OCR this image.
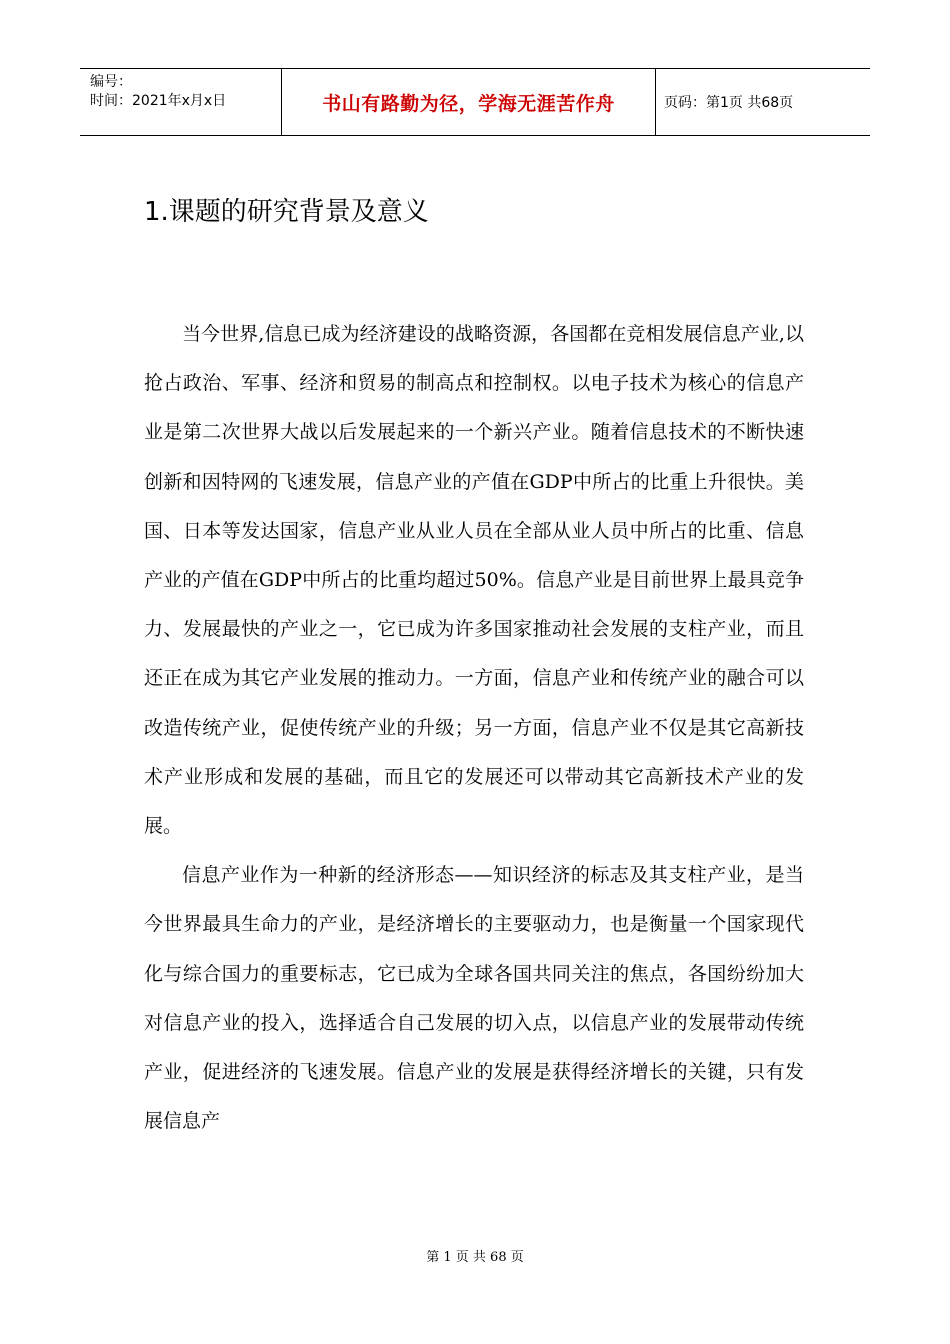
编号：
时间：2021年x月x日	书山有路勤为径，学海无涯苦作舟	页码：第1页 共68页
1.课题的研究背景及意义

当今世界,信息已成为经济建设的战略资源，各国都在竞相发展信息产业,以抢占政治、军事、经济和贸易的制高点和控制权。以电子技术为核心的信息产业是第二次世界大战以后发展起来的一个新兴产业。随着信息技术的不断快速创新和因特网的飞速发展，信息产业的产值在GDP中所占的比重上升很快。美国、日本等发达国家，信息产业从业人员在全部从业人员中所占的比重、信息产业的产值在GDP中所占的比重均超过50%。信息产业是目前世界上最具竞争力、发展最快的产业之一，它已成为许多国家推动社会发展的支柱产业，而且还正在成为其它产业发展的推动力。一方面，信息产业和传统产业的融合可以改造传统产业，促使传统产业的升级；另一方面，信息产业不仅是其它高新技术产业形成和发展的基础，而且它的发展还可以带动其它高新技术产业的发展。

信息产业作为一种新的经济形态——知识经济的标志及其支柱产业，是当今世界最具生命力的产业，是经济增长的主要驱动力，也是衡量一个国家现代化与综合国力的重要标志，它已成为全球各国共同关注的焦点，各国纷纷加大对信息产业的投入，选择适合自己发展的切入点，以信息产业的发展带动传统产业，促进经济的飞速发展。信息产业的发展是获得经济增长的关键，只有发展信息产

第 1 页 共 68 页
